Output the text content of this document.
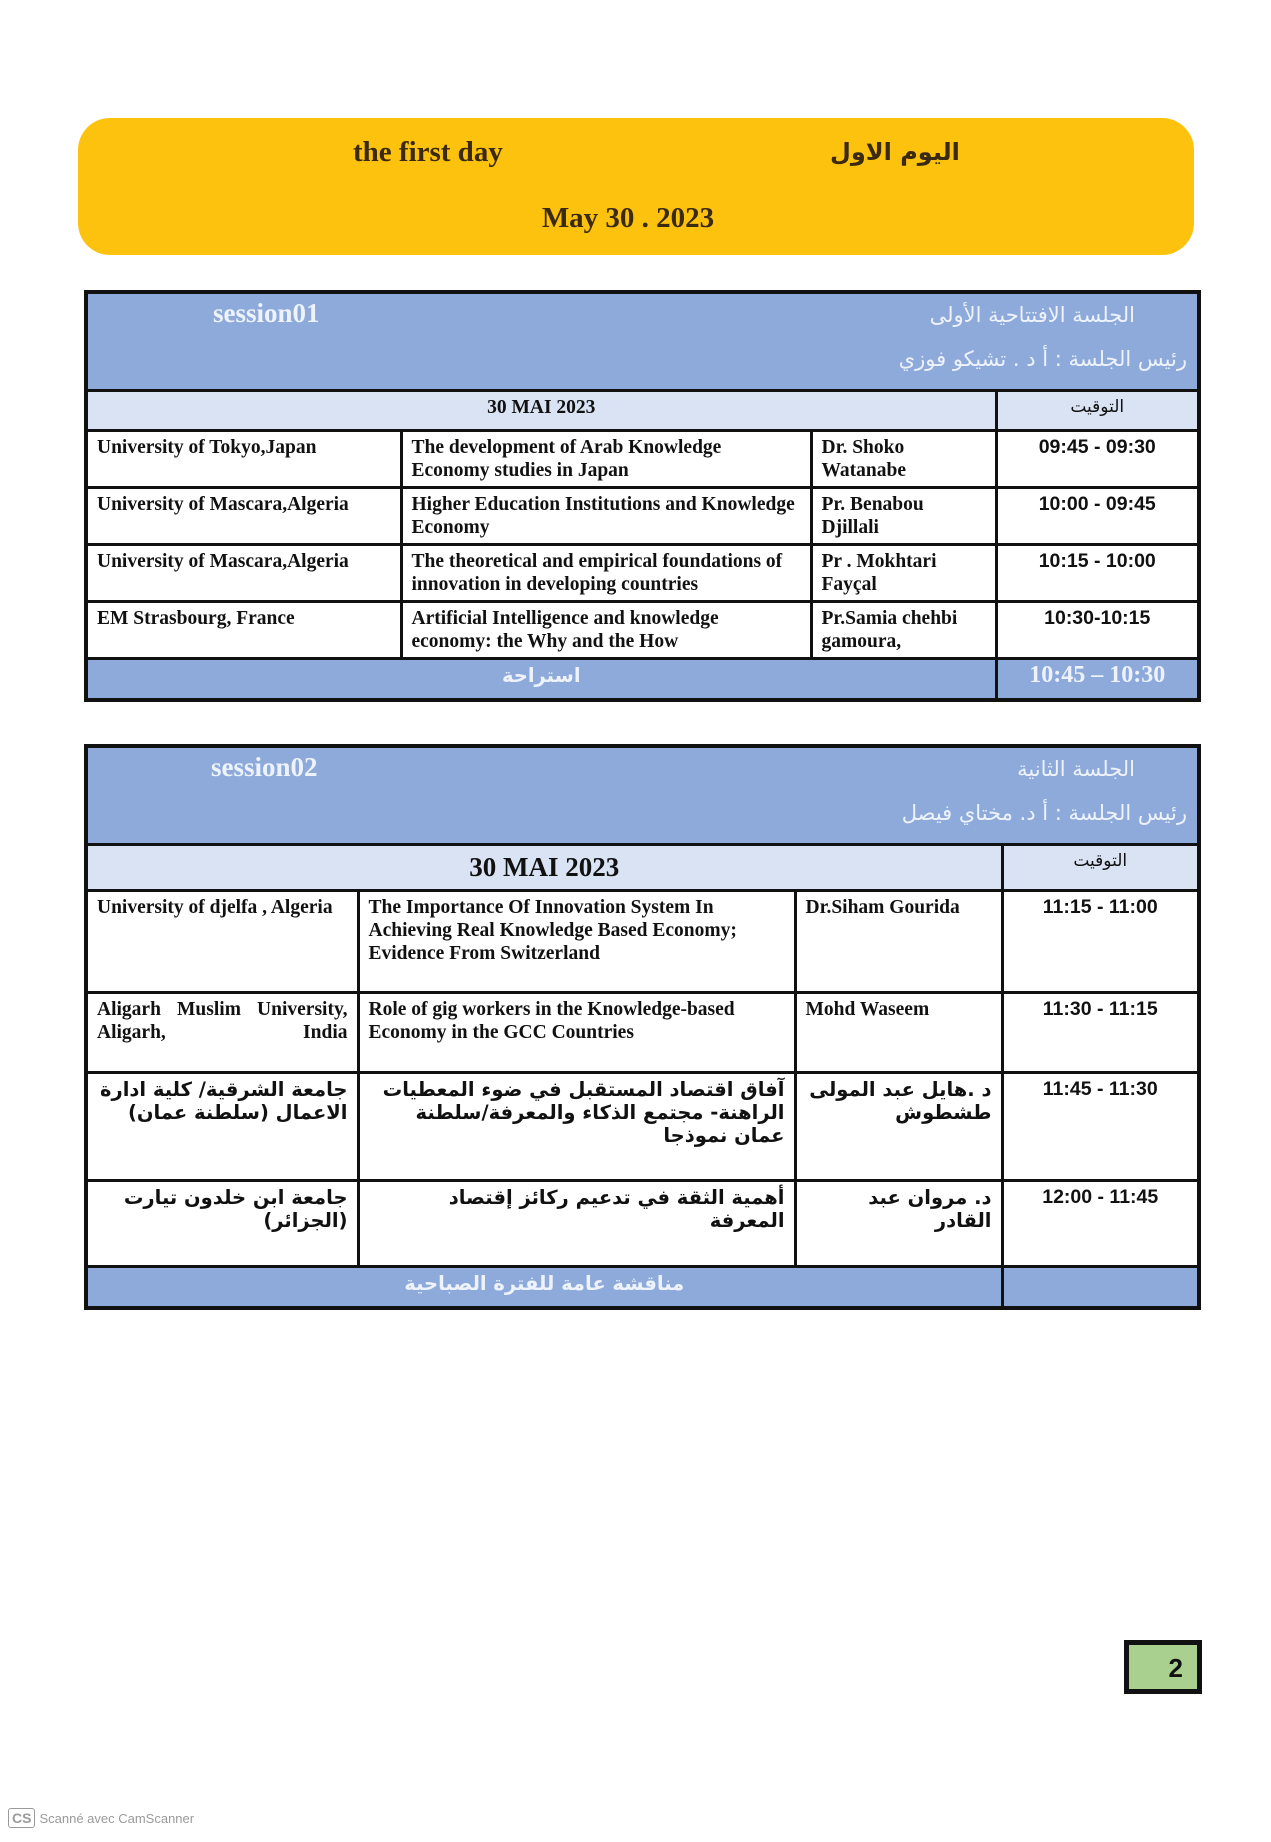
the first day	اليوم الاول
May 30 . 2023
session01 الجلسة الافتتاحية الأولى
رئيس الجلسة : أ د . تشيكو فوزي			

30 MAI 2023			التوقيت
University of Tokyo,Japan	The development of Arab Knowledge Economy studies in Japan	Dr. Shoko Watanabe	09:45 - 09:30
University of Mascara,Algeria	Higher Education Institutions and Knowledge Economy	Pr. Benabou Djillali	10:00 - 09:45
University of Mascara,Algeria	The theoretical and empirical foundations of innovation in developing countries	Pr . Mokhtari Fayçal	10:15 - 10:00
EM Strasbourg, France	Artificial Intelligence and knowledge economy: the Why and the How	Pr.Samia chehbi gamoura,	10:30-10:15
استراحة			10:45 – 10:30
session02 الجلسة الثانية
رئيس الجلسة : أ د. مختاي فيصل			

30 MAI 2023			التوقيت
University of djelfa , Algeria	The Importance Of Innovation System In Achieving Real Knowledge Based Economy; Evidence From Switzerland	Dr.Siham Gourida	11:15 - 11:00
Aligarh Muslim University, Aligarh, India	Role of gig workers in the Knowledge-based Economy in the GCC Countries	Mohd Waseem	11:30 - 11:15
جامعة الشرقية/ كلية ادارة الاعمال (سلطنة عمان)	آفاق اقتصاد المستقبل في ضوء المعطيات الراهنة- مجتمع الذكاء والمعرفة/سلطنة عمان نموذجا	د .هايل عبد المولى طشطوش	11:45 - 11:30
جامعة ابن خلدون تيارت (الجزائر)	أهمية الثقة في تدعيم ركائز إقتصاد المعرفة	د. مروان عبد القادر	12:00 - 11:45
مناقشة عامة للفترة الصباحية			
2
CS Scanné avec CamScanner
